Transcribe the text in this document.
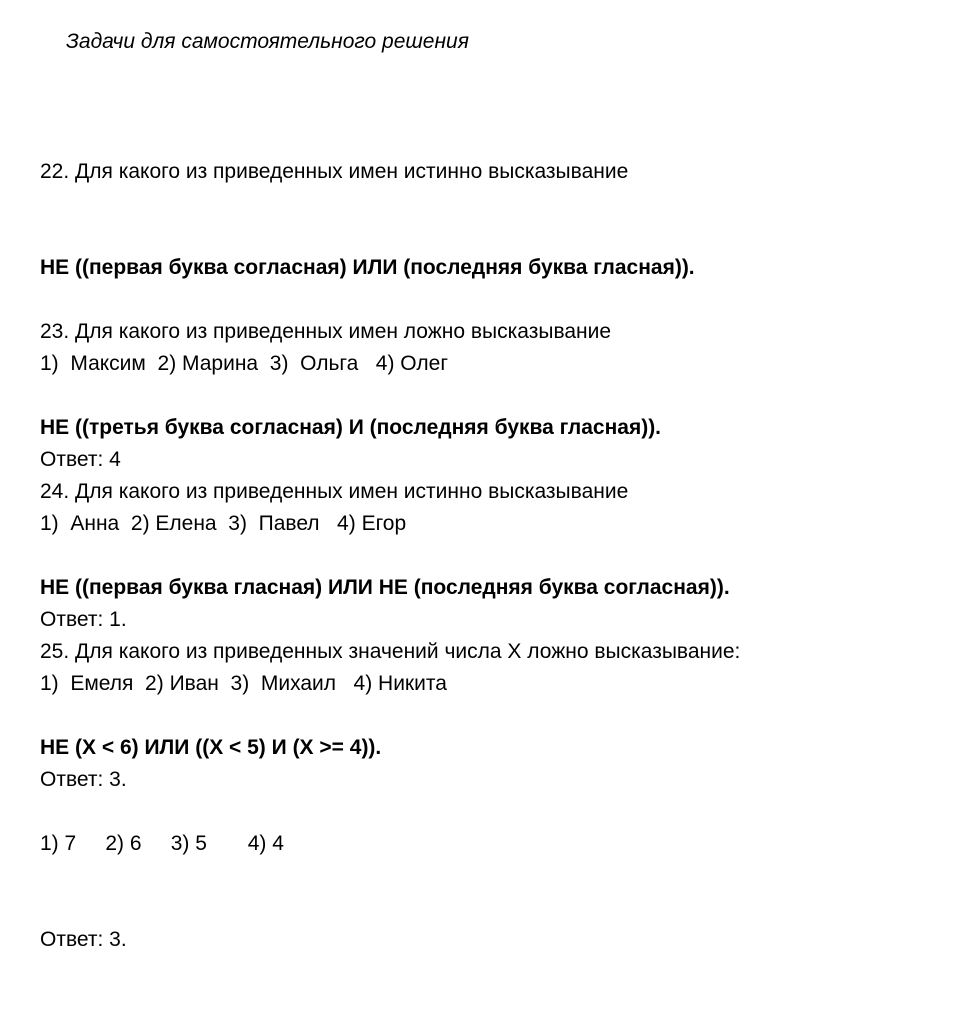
Задачи для самостоятельного решения

22. Для какого из приведенных имен истинно высказывание

НЕ ((первая буква согласная) ИЛИ (последняя буква гласная)).

1)  Максим  2) Марина  3)  Ольга   4) Олег

Ответ: 4

23. Для какого из приведенных имен ложно высказывание

НЕ ((третья буква согласная) И (последняя буква гласная)).

1)  Анна  2) Елена  3)  Павел   4) Егор

Ответ: 1.

24. Для какого из приведенных имен истинно высказывание

НЕ ((первая буква гласная) ИЛИ НЕ (последняя буква согласная)).

1)  Емеля  2) Иван  3)  Михаил   4) Никита

Ответ: 3.

25. Для какого из приведенных значений числа X ложно высказывание:

НЕ (X < 6) ИЛИ ((X < 5) И (X >= 4)).

1) 7     2) 6     3) 5       4) 4

Ответ: 3.
